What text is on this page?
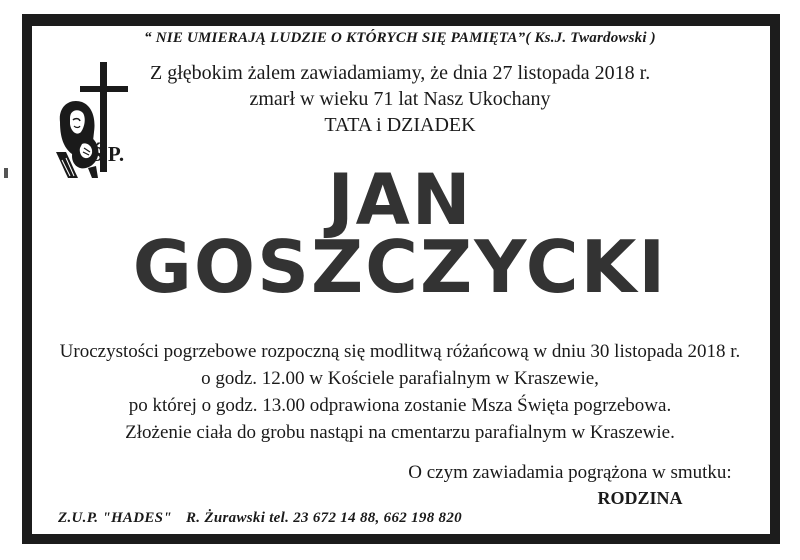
“ NIE UMIERAJĄ LUDZIE O KTÓRYCH SIĘ PAMIĘTA”( Ks.J. Twardowski )
Ś.P.
Z głębokim żalem zawiadamiamy, że dnia 27 listopada 2018 r.
zmarł w wieku 71 lat Nasz Ukochany
TATA i DZIADEK
JAN
GOSZCZYCKI
Uroczystości pogrzebowe rozpoczną się modlitwą różańcową w dniu 30 listopada 2018 r.
o godz. 12.00 w Kościele parafialnym w Kraszewie,
po której o godz. 13.00 odprawiona zostanie Msza Święta pogrzebowa.
Złożenie ciała do grobu nastąpi na cmentarzu parafialnym w Kraszewie.
O czym zawiadamia pogrążona w smutku:
RODZINA
Z.U.P. "HADES" R. Żurawski tel. 23 672 14 88, 662 198 820
